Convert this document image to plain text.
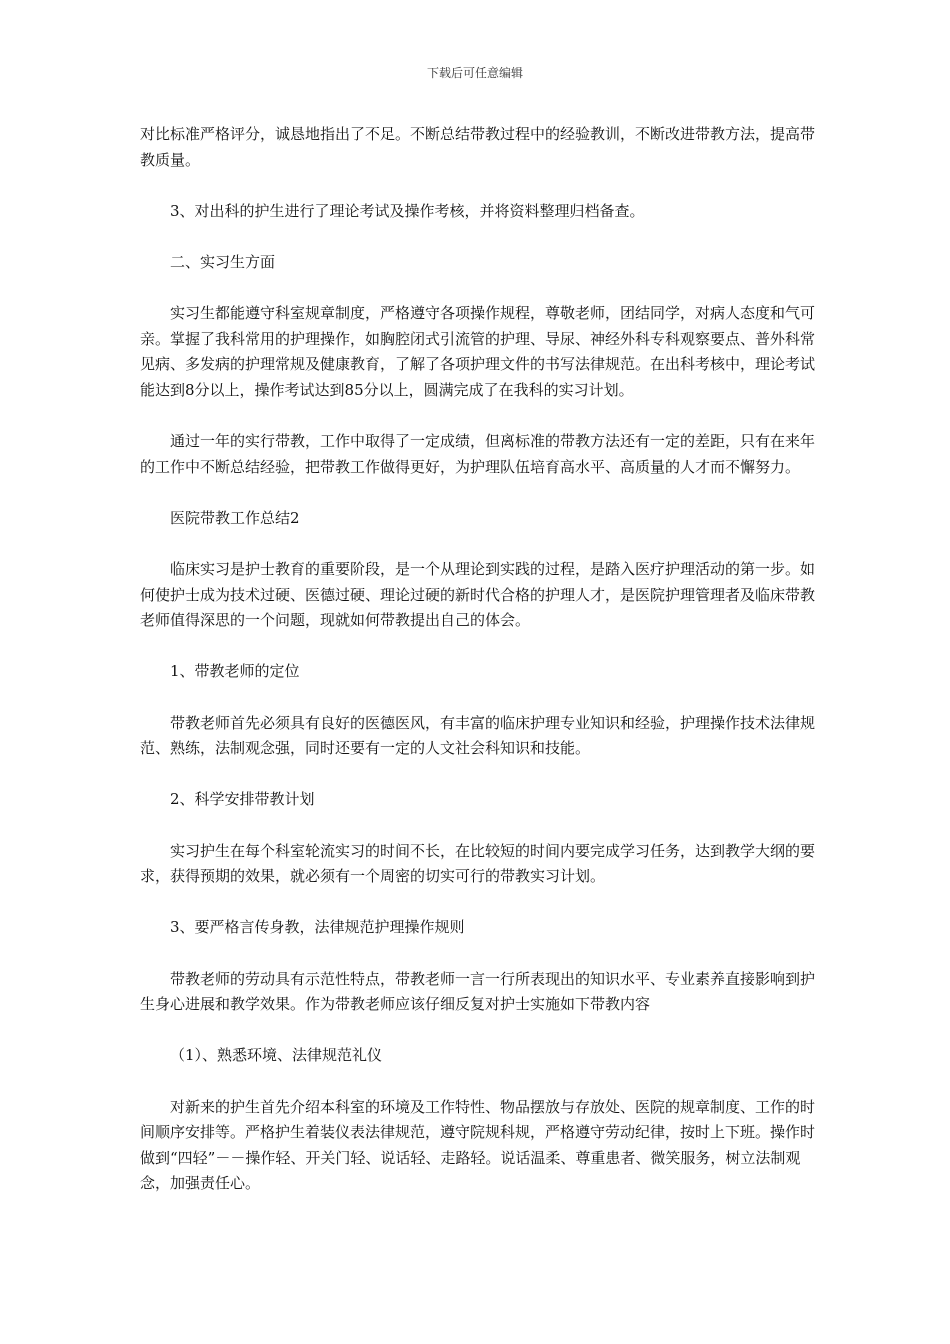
下载后可任意编辑

对比标准严格评分，诚恳地指出了不足。不断总结带教过程中的经验教训，不断改进带教方法，提高带教质量。

3、对出科的护生进行了理论考试及操作考核，并将资料整理归档备查。

二、实习生方面

实习生都能遵守科室规章制度，严格遵守各项操作规程，尊敬老师，团结同学，对病人态度和气可亲。掌握了我科常用的护理操作，如胸腔闭式引流管的护理、导尿、神经外科专科观察要点、普外科常见病、多发病的护理常规及健康教育，了解了各项护理文件的书写法律规范。在出科考核中，理论考试能达到8分以上，操作考试达到85分以上，圆满完成了在我科的实习计划。

通过一年的实行带教，工作中取得了一定成绩，但离标准的带教方法还有一定的差距，只有在来年的工作中不断总结经验，把带教工作做得更好，为护理队伍培育高水平、高质量的人才而不懈努力。

医院带教工作总结2

临床实习是护士教育的重要阶段，是一个从理论到实践的过程，是踏入医疗护理活动的第一步。如何使护士成为技术过硬、医德过硬、理论过硬的新时代合格的护理人才，是医院护理管理者及临床带教老师值得深思的一个问题，现就如何带教提出自己的体会。

1、带教老师的定位

带教老师首先必须具有良好的医德医风，有丰富的临床护理专业知识和经验，护理操作技术法律规范、熟练，法制观念强，同时还要有一定的人文社会科知识和技能。

2、科学安排带教计划

实习护生在每个科室轮流实习的时间不长，在比较短的时间内要完成学习任务，达到教学大纲的要求，获得预期的效果，就必须有一个周密的切实可行的带教实习计划。

3、要严格言传身教，法律规范护理操作规则

带教老师的劳动具有示范性特点，带教老师一言一行所表现出的知识水平、专业素养直接影响到护生身心进展和教学效果。作为带教老师应该仔细反复对护士实施如下带教内容

（1）、熟悉环境、法律规范礼仪

对新来的护生首先介绍本科室的环境及工作特性、物品摆放与存放处、医院的规章制度、工作的时间顺序安排等。严格护生着装仪表法律规范，遵守院规科规，严格遵守劳动纪律，按时上下班。操作时做到“四轻”－－操作轻、开关门轻、说话轻、走路轻。说话温柔、尊重患者、微笑服务，树立法制观念，加强责任心。
